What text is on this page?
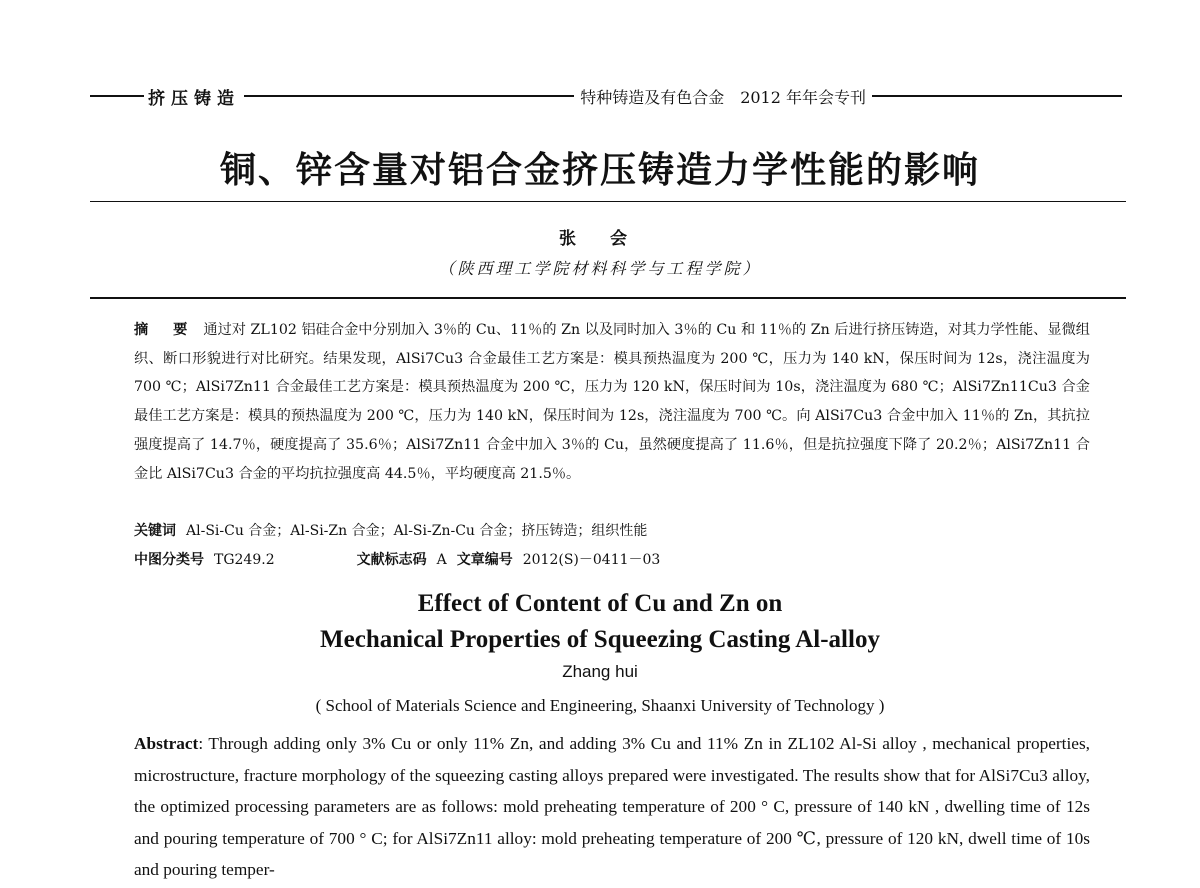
挤压铸造	特种铸造及有色合金　2012 年年会专刊
铜、锌含量对铝合金挤压铸造力学性能的影响
张 会
（陕西理工学院材料科学与工程学院）
摘 要 通过对 ZL102 铝硅合金中分别加入 3％的 Cu、11％的 Zn 以及同时加入 3％的 Cu 和 11％的 Zn 后进行挤压铸造，对其力学性能、显微组织、断口形貌进行对比研究。结果发现，AlSi7Cu3 合金最佳工艺方案是：模具预热温度为 200 ℃，压力为 140 kN，保压时间为 12s，浇注温度为 700 ℃；AlSi7Zn11 合金最佳工艺方案是：模具预热温度为 200 ℃，压力为 120 kN，保压时间为 10s，浇注温度为 680 ℃；AlSi7Zn11Cu3 合金最佳工艺方案是：模具的预热温度为 200 ℃，压力为 140 kN，保压时间为 12s，浇注温度为 700 ℃。向 AlSi7Cu3 合金中加入 11％的 Zn，其抗拉强度提高了 14.7％，硬度提高了 35.6％；AlSi7Zn11 合金中加入 3％的 Cu，虽然硬度提高了 11.6％，但是抗拉强度下降了 20.2％；AlSi7Zn11 合金比 AlSi7Cu3 合金的平均抗拉强度高 44.5％，平均硬度高 21.5％。
关键词 Al-Si-Cu 合金；Al-Si-Zn 合金；Al-Si-Zn-Cu 合金；挤压铸造；组织性能
中图分类号 TG249.2	文献标志码 A 文章编号 2012(S)－0411－03
Effect of Content of Cu and Zn on
Mechanical Properties of Squeezing Casting Al-alloy
Zhang hui
( School of Materials Science and Engineering, Shaanxi University of Technology )
Abstract: Through adding only 3% Cu or only 11% Zn, and adding 3% Cu and 11% Zn in ZL102 Al-Si alloy , mechanical properties, microstructure, fracture morphology of the squeezing casting alloys prepared were investigated. The results show that for AlSi7Cu3 alloy, the optimized processing parameters are as follows: mold preheating temperature of 200 ° C, pressure of 140 kN , dwelling time of 12s and pouring temperature of 700 ° C; for AlSi7Zn11 alloy: mold preheating temperature of 200 ℃, pressure of 120 kN, dwell time of 10s and pouring temper-
